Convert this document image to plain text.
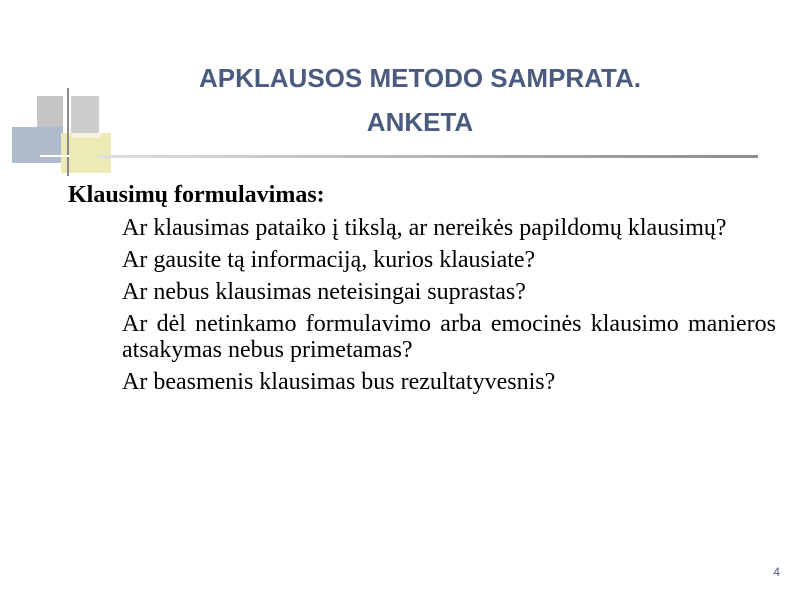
APKLAUSOS METODO SAMPRATA.
ANKETA

Klausimų formulavimas:

Ar klausimas pataiko į tikslą, ar nereikės papildomų klausimų?

Ar gausite tą informaciją, kurios klausiate?

Ar nebus klausimas neteisingai suprastas?

Ar dėl netinkamo formulavimo arba emocinės klausimo manieros atsakymas nebus primetamas?

Ar beasmenis klausimas bus rezultatyvesnis?

4
